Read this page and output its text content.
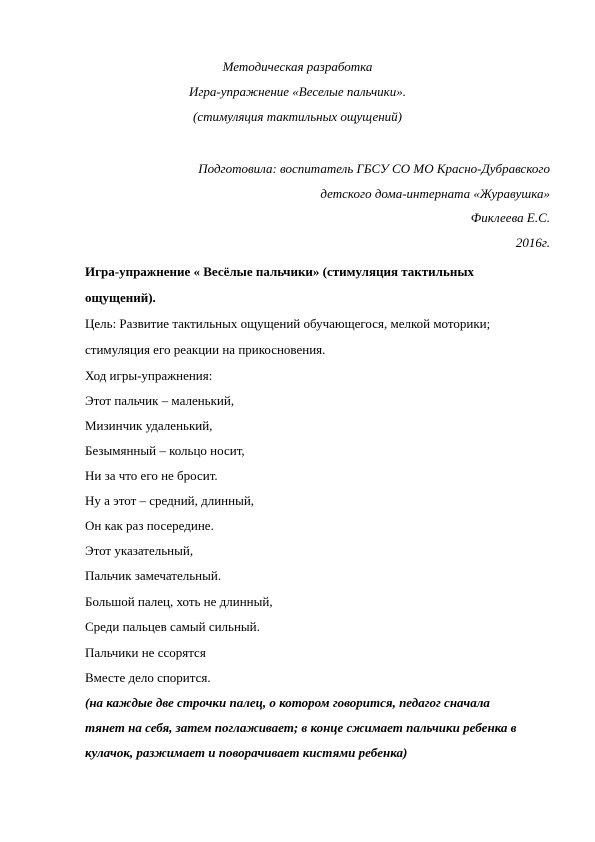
Методическая разработка
Игра-упражнение «Веселые пальчики».
(стимуляция тактильных ощущений)
Подготовила: воспитатель ГБСУ СО МО Красно-Дубравского
детского дома-интерната «Журавушка»
Фиклеева Е.С.
2016г.
Игра-упражнение « Весёлые пальчики» (стимуляция тактильных
ощущений).
Цель: Развитие тактильных ощущений обучающегося, мелкой моторики;
стимуляция его реакции на прикосновения.
Ход игры-упражнения:
Этот пальчик – маленький,
Мизинчик удаленький,
Безымянный – кольцо носит,
Ни за что его не бросит.
Ну а этот – средний, длинный,
Он как раз посередине.
Этот указательный,
Пальчик замечательный.
Большой палец, хоть не длинный,
Среди пальцев самый сильный.
Пальчики не ссорятся
Вместе дело спорится.
(на каждые две строчки палец, о котором говорится, педагог сначала
тянет на себя, затем поглаживает; в конце сжимает пальчики ребенка в
кулачок, разжимает и поворачивает кистями ребенка)
